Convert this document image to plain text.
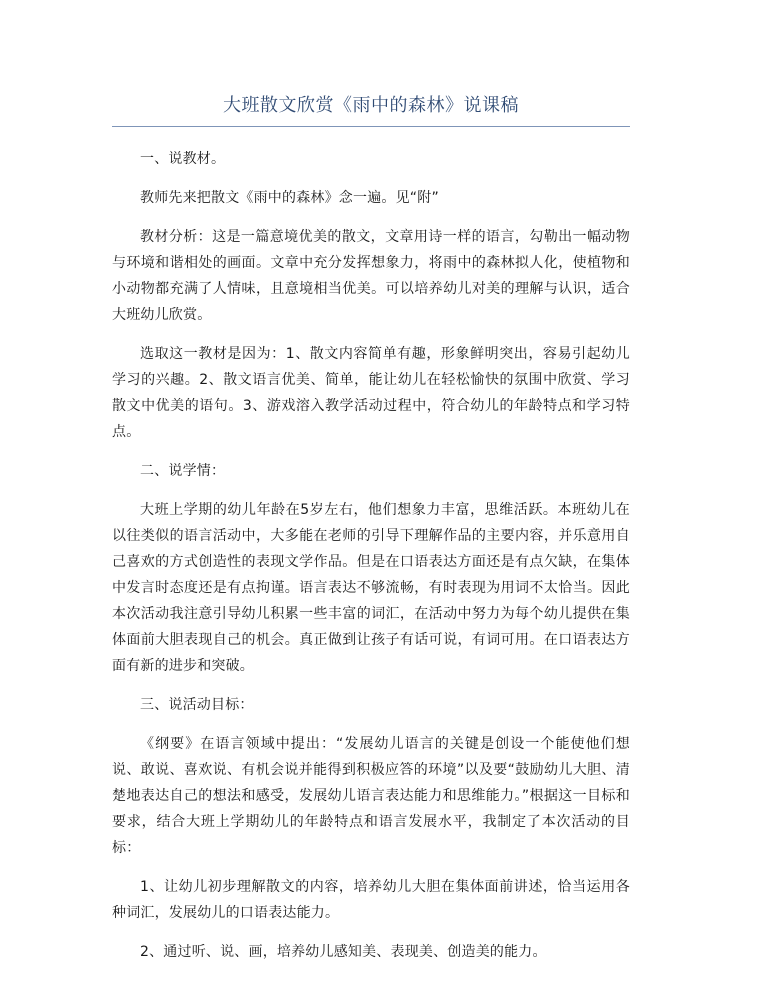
大班散文欣赏《雨中的森林》说课稿

一、说教材。

教师先来把散文《雨中的森林》念一遍。见“附”

教材分析：这是一篇意境优美的散文，文章用诗一样的语言，勾勒出一幅动物与环境和谐相处的画面。文章中充分发挥想象力，将雨中的森林拟人化，使植物和小动物都充满了人情味，且意境相当优美。可以培养幼儿对美的理解与认识，适合大班幼儿欣赏。

选取这一教材是因为：1、散文内容简单有趣，形象鲜明突出，容易引起幼儿学习的兴趣。2、散文语言优美、简单，能让幼儿在轻松愉快的氛围中欣赏、学习散文中优美的语句。3、游戏溶入教学活动过程中，符合幼儿的年龄特点和学习特点。

二、说学情：

大班上学期的幼儿年龄在5岁左右，他们想象力丰富，思维活跃。本班幼儿在以往类似的语言活动中，大多能在老师的引导下理解作品的主要内容，并乐意用自己喜欢的方式创造性的表现文学作品。但是在口语表达方面还是有点欠缺，在集体中发言时态度还是有点拘谨。语言表达不够流畅，有时表现为用词不太恰当。因此本次活动我注意引导幼儿积累一些丰富的词汇，在活动中努力为每个幼儿提供在集体面前大胆表现自己的机会。真正做到让孩子有话可说，有词可用。在口语表达方面有新的进步和突破。

三、说活动目标：

《纲要》在语言领域中提出：“发展幼儿语言的关键是创设一个能使他们想说、敢说、喜欢说、有机会说并能得到积极应答的环境”以及要“鼓励幼儿大胆、清楚地表达自己的想法和感受，发展幼儿语言表达能力和思维能力。”根据这一目标和要求，结合大班上学期幼儿的年龄特点和语言发展水平，我制定了本次活动的目标：

1、让幼儿初步理解散文的内容，培养幼儿大胆在集体面前讲述，恰当运用各种词汇，发展幼儿的口语表达能力。

2、通过听、说、画，培养幼儿感知美、表现美、创造美的能力。
